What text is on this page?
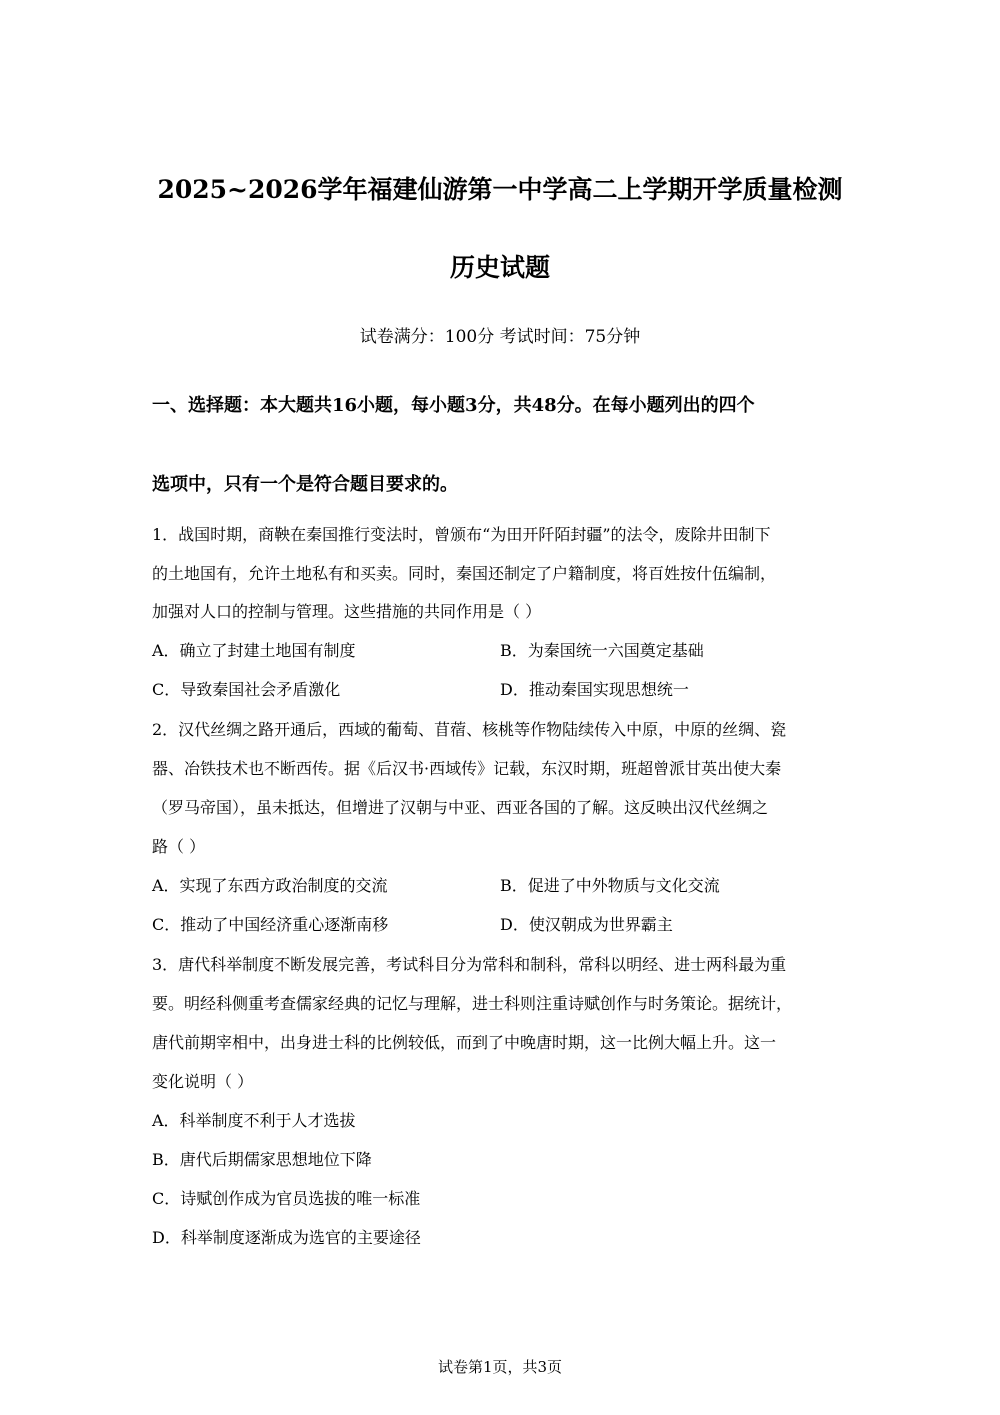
2025~2026学年福建仙游第一中学高二上学期开学质量检测
历史试题
试卷满分：100分 考试时间：75分钟
一、选择题：本大题共16小题，每小题3分，共48分。在每小题列出的四个
选项中，只有一个是符合题目要求的。
1．战国时期，商鞅在秦国推行变法时，曾颁布“为田开阡陌封疆”的法令，废除井田制下
的土地国有，允许土地私有和买卖。同时，秦国还制定了户籍制度，将百姓按什伍编制，
加强对人口的控制与管理。这些措施的共同作用是（ ）
A．确立了封建土地国有制度	B．为秦国统一六国奠定基础
C．导致秦国社会矛盾激化	D．推动秦国实现思想统一
2．汉代丝绸之路开通后，西域的葡萄、苜蓿、核桃等作物陆续传入中原，中原的丝绸、瓷
器、冶铁技术也不断西传。据《后汉书·西域传》记载，东汉时期，班超曾派甘英出使大秦
（罗马帝国），虽未抵达，但增进了汉朝与中亚、西亚各国的了解。这反映出汉代丝绸之
路（ ）
A．实现了东西方政治制度的交流	B．促进了中外物质与文化交流
C．推动了中国经济重心逐渐南移	D．使汉朝成为世界霸主
3．唐代科举制度不断发展完善，考试科目分为常科和制科，常科以明经、进士两科最为重
要。明经科侧重考查儒家经典的记忆与理解，进士科则注重诗赋创作与时务策论。据统计，
唐代前期宰相中，出身进士科的比例较低，而到了中晚唐时期，这一比例大幅上升。这一
变化说明（ ）
A．科举制度不利于人才选拔
B．唐代后期儒家思想地位下降
C．诗赋创作成为官员选拔的唯一标准
D．科举制度逐渐成为选官的主要途径
试卷第1页，共3页
